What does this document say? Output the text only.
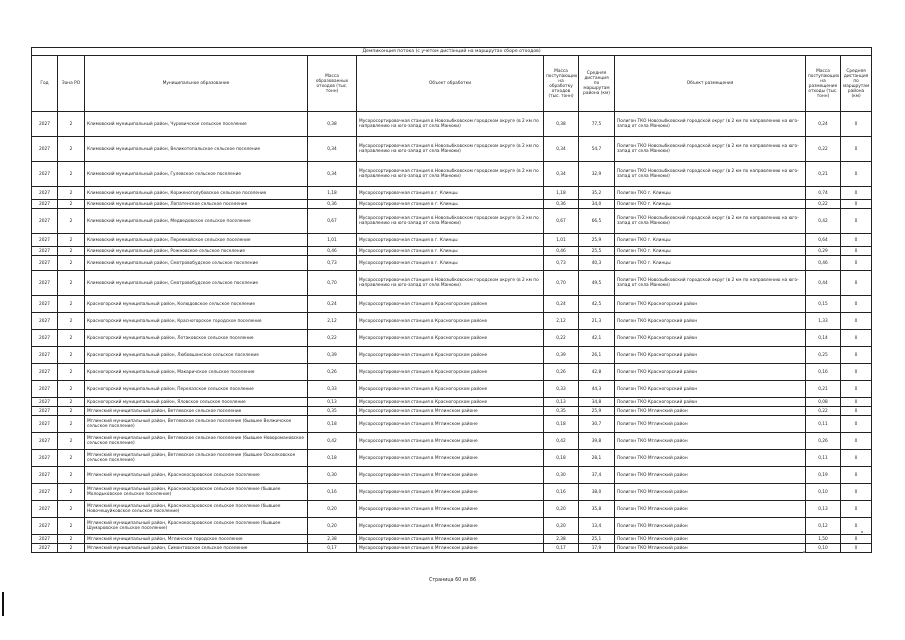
Демпиконция потока (с учетом дистанций на маршрутах сборе отходов)									
Год	Зона РО	Муниципальное образование	Масса образованных отходов (тыс. тонн)	Объект обработки	Масса поступающих на обработку отходов (тыс. тонн)	Средняя дистанция по маршрутам района (км)	Объект размещения	Масса поступающих на размещение отходы (тыс. тонн)	Средняя дистанция по маршрутам района (км)
2027	2	Климовский муниципальный район, Чуровичское сельское поселение	0,38	Мусоросортировочная станция в Новозыбковском городском округе (в 2 км по направлению на юго-запад от села Манюки)	0,38	77,5	Полигон ТКО Новозыбковский городской округ (в 2 км по направлению на юго-запад от села Манюки)	0,24	0
2027	2	Климовский муниципальный район, Великотопальское сельское поселение	0,34	Мусоросортировочная станция в Новозыбковском городском округе (в 2 км по направлению на юго-запад от села Манюки)	0,34	54,7	Полигон ТКО Новозыбковский городской округ (в 2 км по направлению на юго-запад от села Манюки)	0,22	0
2027	2	Климовский муниципальный район, Гулевское сельское поселение	0,34	Мусоросортировочная станция в Новозыбковском городском округе (в 2 км по направлению на юго-запад от села Манюки)	0,34	32,9	Полигон ТКО Новозыбковский городской округ (в 2 км по направлению на юго-запад от села Манюки)	0,21	0
2027	2	Климовский муниципальный район, Корженоголубовское сельское поселение	1,18	Мусоросортировочная станция в г. Клинцы	1,18	35,2	Полигон ТКО г. Клинцы	0,74	0
2027	2	Климовский муниципальный район, Лопатенское сельское поселение	0,36	Мусоросортировочная станция в г. Клинцы	0,36	34,0	Полигон ТКО г. Клинцы	0,22	0
2027	2	Климовский муниципальный район, Медведовское сельское поселение	0,67	Мусоросортировочная станция в Новозыбковском городском округе (в 2 км по направлению на юго-запад от села Манюки)	0,67	66,5	Полигон ТКО Новозыбковский городской округ (в 2 км по направлению на юго-запад от села Манюки)	0,42	0
2027	2	Климовский муниципальный район, Переемайское сельское поселение	1,01	Мусоросортировочная станция в г. Клинцы	1,01	25,9	Полигон ТКО г. Клинцы	0,64	0
2027	2	Климовский муниципальный район, Рожновское сельское поселение	0,46	Мусоросортировочная станция в г. Клинцы	0,46	25,5	Полигон ТКО г. Клинцы	0,29	0
2027	2	Климовский муниципальный район, Смотровобудское сельское поселение	0,73	Мусоросортировочная станция в г. Клинцы	0,73	40,3	Полигон ТКО г. Клинцы	0,46	0
2027	2	Климовский муниципальный район, Смотровобудское сельское поселение	0,70	Мусоросортировочная станция в Новозыбковском городском округе (в 2 км по направлению на юго-запад от села Манюки)	0,70	49,5	Полигон ТКО Новозыбковский городской округ (в 2 км по направлению на юго-запад от села Манюки)	0,44	0
2027	2	Красногорский муниципальный район, Колюдовское сельское поселение	0,24	Мусоросортировочная станция в Красногорском районе	0,24	42,5	Полигон ТКО Красногорский район	0,15	0
2027	2	Красногорский муниципальный район, Красногорское городское поселение	2,12	Мусоросортировочная станция в Красногорском районе	2,12	21,3	Полигон ТКО Красногорский район	1,33	0
2027	2	Красногорский муниципальный район, Лотаковское сельское поселение	0,22	Мусоросортировочная станция в Красногорском районе	0,22	42,1	Полигон ТКО Красногорский район	0,14	0
2027	2	Красногорский муниципальный район, Любовшанское сельское поселение	0,39	Мусоросортировочная станция в Красногорском районе	0,39	26,1	Полигон ТКО Красногорский район	0,25	0
2027	2	Красногорский муниципальный район, Макаричское сельское поселение	0,26	Мусоросортировочная станция в Красногорском районе	0,26	42,8	Полигон ТКО Красногорский район	0,16	0
2027	2	Красногорский муниципальный район, Перелазское сельское поселение	0,33	Мусоросортировочная станция в Красногорском районе	0,33	44,3	Полигон ТКО Красногорский район	0,21	0
2027	2	Красногорский муниципальный район, Яловское сельское поселение	0,13	Мусоросортировочная станция в Красногорском районе	0,13	34,8	Полигон ТКО Красногорский район	0,08	0
2027	2	Мглинский муниципальный район, Ветлевское сельское поселение	0,35	Мусоросортировочная станция в Мглинском районе	0,35	25,9	Полигон ТКО Мглинский район	0,22	0
2027	2	Мглинский муниципальный район, Ветлевское сельское поселение (бывшее Велжичское сельское поселение)	0,18	Мусоросортировочная станция в Мглинском районе	0,18	30,7	Полигон ТКО Мглинский район	0,11	0
2027	2	Мглинский муниципальный район, Ветлевское сельское поселение (бывшее Новоромановское сельское поселение)	0,42	Мусоросортировочная станция в Мглинском районе	0,42	39,8	Полигон ТКО Мглинский район	0,26	0
2027	2	Мглинский муниципальный район, Ветлевское сельское поселение (бывшее Осколковское сельское поселение)	0,18	Мусоросортировочная станция в Мглинском районе	0,18	28,1	Полигон ТКО Мглинский район	0,11	0
2027	2	Мглинский муниципальный район, Краснокосаровское сельское поселение	0,30	Мусоросортировочная станция в Мглинском районе	0,30	37,4	Полигон ТКО Мглинский район	0,19	0
2027	2	Мглинский муниципальный район, Краснокосаровское сельское поселение (бывшее Молодьковское сельское поселение)	0,16	Мусоросортировочная станция в Мглинском районе	0,16	38,0	Полигон ТКО Мглинский район	0,10	0
2027	2	Мглинский муниципальный район, Краснокосаровское сельское поселение (бывшее Новочешуйковское сельское поселение)	0,20	Мусоросортировочная станция в Мглинском районе	0,20	35,8	Полигон ТКО Мглинский район	0,13	0
2027	2	Мглинский муниципальный район, Краснокосаровское сельское поселение (бывшее Шумаровское сельское поселение)	0,20	Мусоросортировочная станция в Мглинском районе	0,20	13,4	Полигон ТКО Мглинский район	0,12	0
2027	2	Мглинский муниципальный район, Мглинское городское поселение	2,38	Мусоросортировочная станция в Мглинском районе	2,38	25,1	Полигон ТКО Мглинский район	1,50	0
2027	2	Мглинский муниципальный район, Симонтовское сельское поселение	0,17	Мусоросортировочная станция в Мглинском районе	0,17	17,9	Полигон ТКО Мглинский район	0,10	0
Страница 60 из 86
